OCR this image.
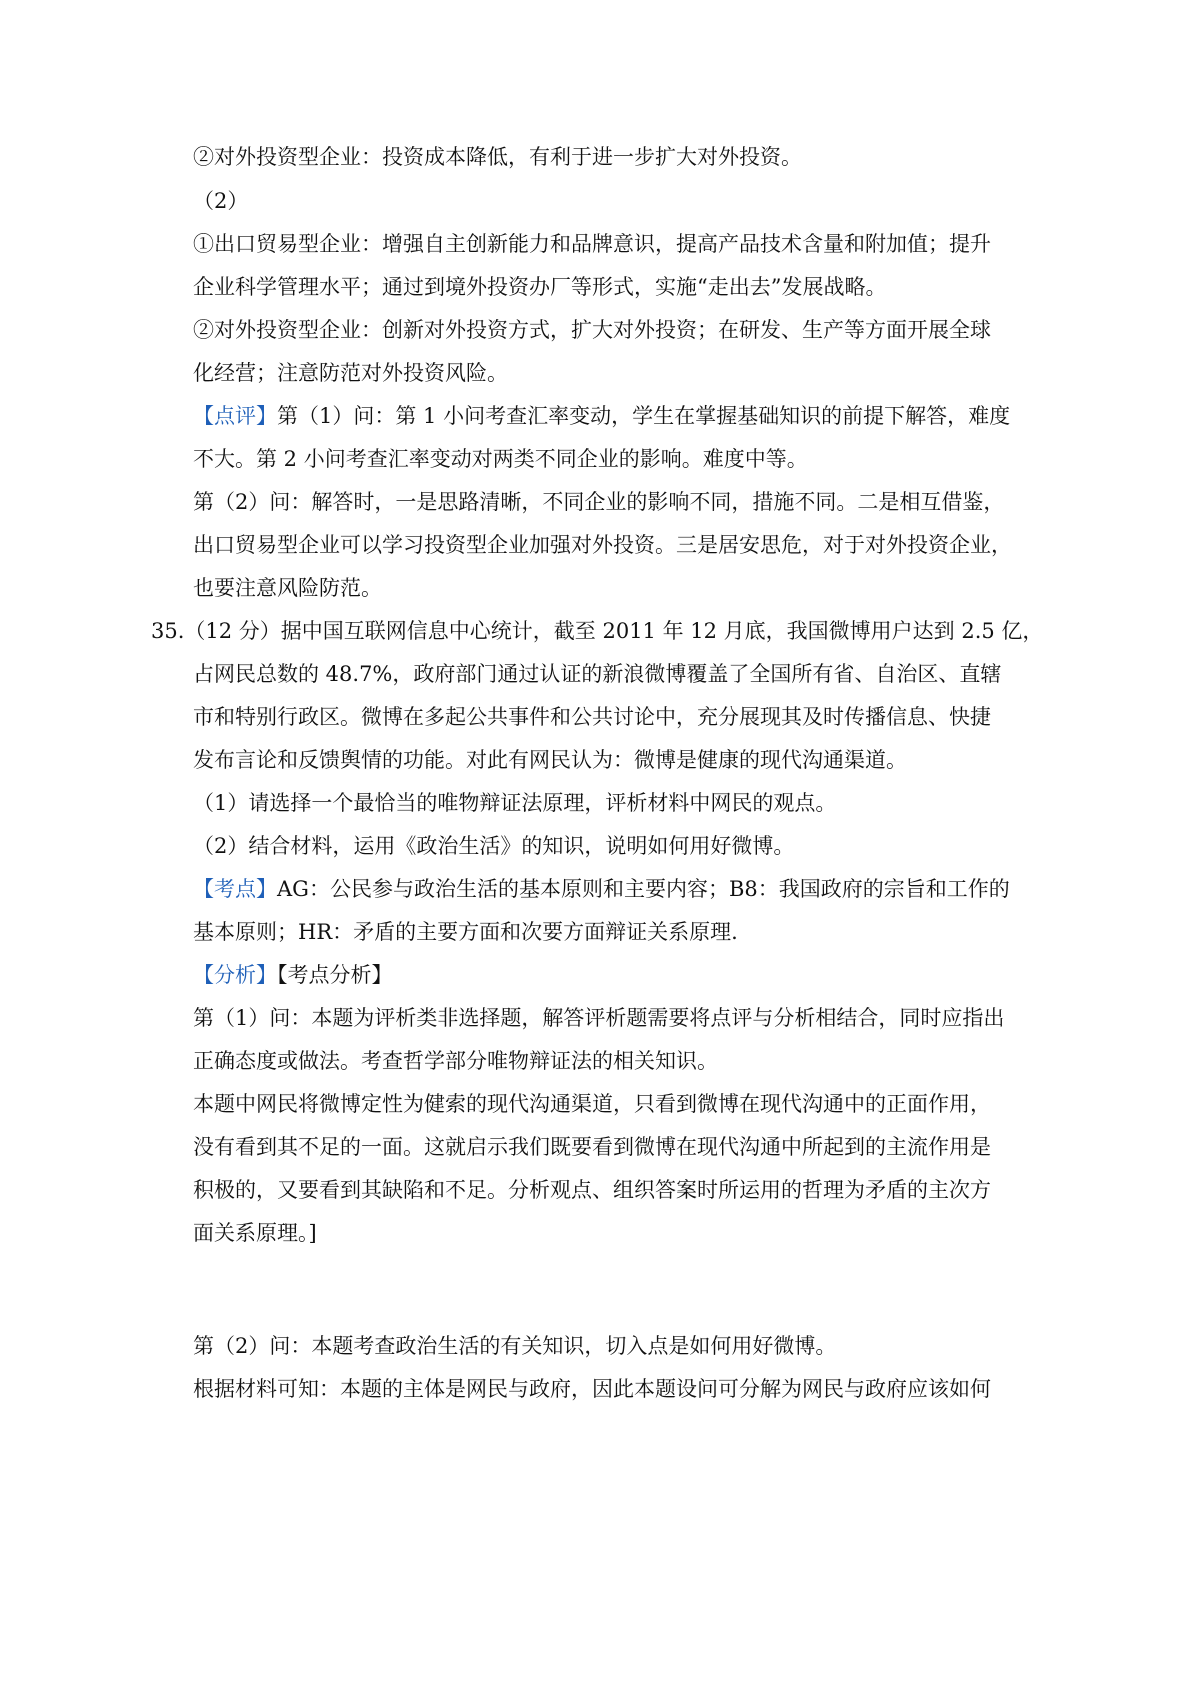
②对外投资型企业：投资成本降低，有利于进一步扩大对外投资。
（2）
①出口贸易型企业：增强自主创新能力和品牌意识，提高产品技术含量和附加值；提升
企业科学管理水平；通过到境外投资办厂等形式，实施“走出去”发展战略。
②对外投资型企业：创新对外投资方式，扩大对外投资；在研发、生产等方面开展全球
化经营；注意防范对外投资风险。
【点评】第（1）问：第 1 小问考查汇率变动，学生在掌握基础知识的前提下解答，难度
不大。第 2 小问考查汇率变动对两类不同企业的影响。难度中等。
第（2）问：解答时，一是思路清晰，不同企业的影响不同，措施不同。二是相互借鉴，
出口贸易型企业可以学习投资型企业加强对外投资。三是居安思危，对于对外投资企业，
也要注意风险防范。
35.（12 分）据中国互联网信息中心统计，截至 2011 年 12 月底，我国微博用户达到 2.5 亿，
占网民总数的 48.7%，政府部门通过认证的新浪微博覆盖了全国所有省、自治区、直辖
市和特别行政区。微博在多起公共事件和公共讨论中，充分展现其及时传播信息、快捷
发布言论和反馈舆情的功能。对此有网民认为：微博是健康的现代沟通渠道。
（1）请选择一个最恰当的唯物辩证法原理，评析材料中网民的观点。
（2）结合材料，运用《政治生活》的知识，说明如何用好微博。
【考点】AG：公民参与政治生活的基本原则和主要内容；B8：我国政府的宗旨和工作的
基本原则；HR：矛盾的主要方面和次要方面辩证关系原理.
【分析】【考点分析】
第（1）问：本题为评析类非选择题，解答评析题需要将点评与分析相结合，同时应指出
正确态度或做法。考查哲学部分唯物辩证法的相关知识。
本题中网民将微博定性为健索的现代沟通渠道，只看到微博在现代沟通中的正面作用，
没有看到其不足的一面。这就启示我们既要看到微博在现代沟通中所起到的主流作用是
积极的，又要看到其缺陷和不足。分析观点、组织答案时所运用的哲理为矛盾的主次方
面关系原理。]
第（2）问：本题考查政治生活的有关知识，切入点是如何用好微博。
根据材料可知：本题的主体是网民与政府，因此本题设问可分解为网民与政府应该如何
